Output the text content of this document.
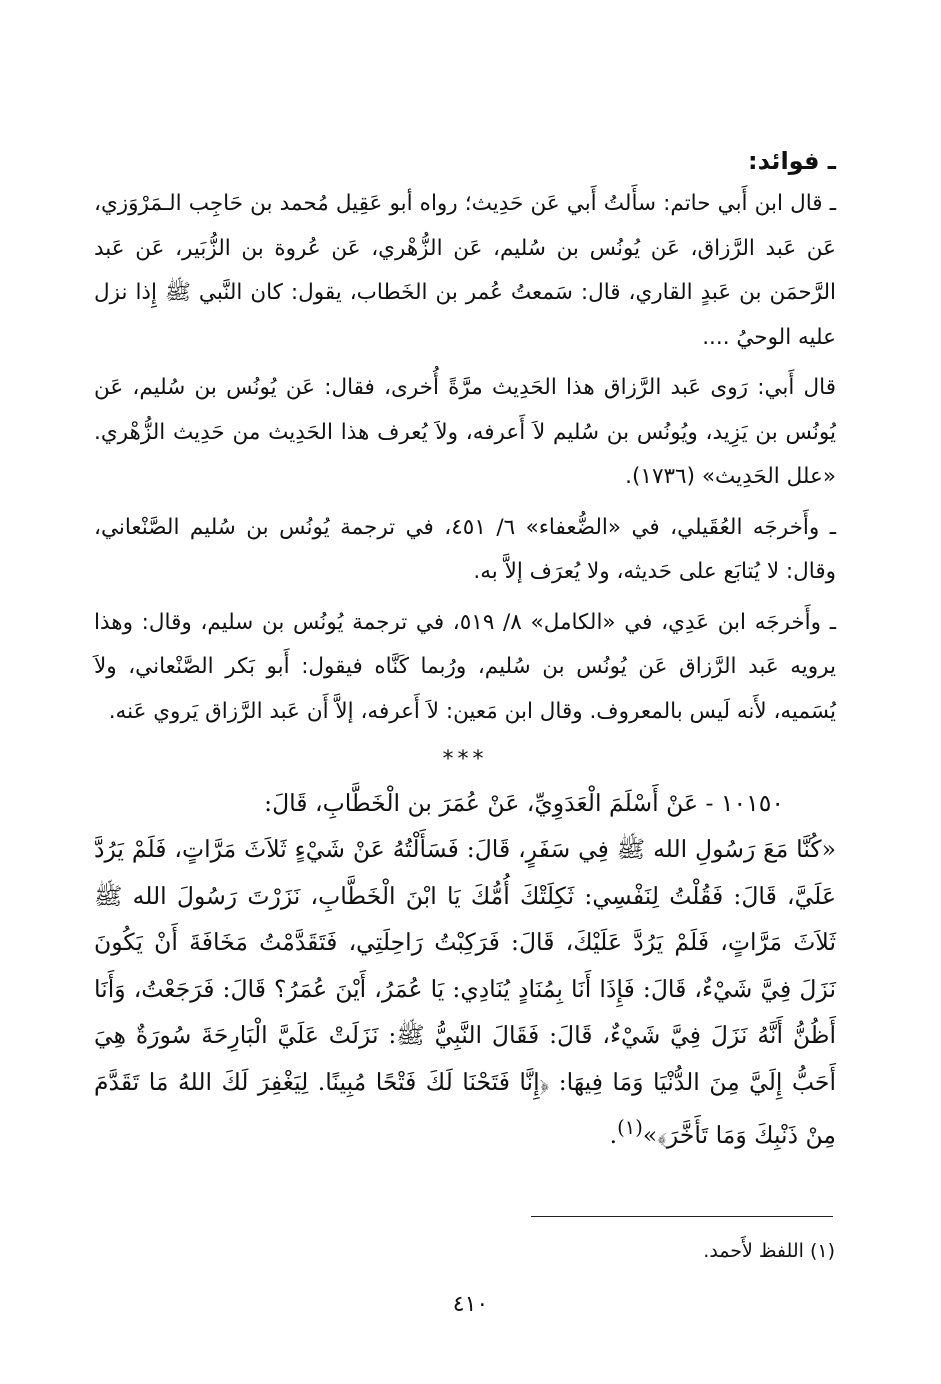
ـ فوائد:

ـ قال ابن أَبي حاتم: سأَلتُ أَبي عَن حَدِيث؛ رواه أبو عَقِيل مُحمد بن حَاجِب الـمَرْوَزي، عَن عَبد الرَّزاق، عَن يُونُس بن سُليم، عَن الزُّهْري، عَن عُروة بن الزُّبَير، عَن عَبد الرَّحمَن بن عَبدٍ القاري، قال: سَمعتُ عُمر بن الخَطاب، يقول: كان النَّبي ﷺ إِذا نزل عليه الوحيُ ....

قال أَبي: رَوى عَبد الرَّزاق هذا الحَدِيث مرَّةً أُخرى، فقال: عَن يُونُس بن سُليم، عَن يُونُس بن يَزِيد، ويُونُس بن سُليم لاَ أَعرفه، ولاَ يُعرف هذا الحَدِيث من حَدِيث الزُّهْري. «علل الحَدِيث» (١٧٣٦).

ـ وأَخرجَه العُقَيلي، في «الضُّعفاء» ٦/ ٤٥١، في ترجمة يُونُس بن سُليم الصَّنْعاني، وقال: لا يُتابَع على حَديثه، ولا يُعرَف إلاَّ به.

ـ وأَخرجَه ابن عَدِي، في «الكامل» ٨/ ٥١٩، في ترجمة يُونُس بن سليم، وقال: وهذا يرويه عَبد الرَّزاق عَن يُونُس بن سُليم، ورُبما كَنَّاه فيقول: أَبو بَكر الصَّنْعاني، ولاَ يُسَميه، لأَنه لَيس بالمعروف. وقال ابن مَعين: لاَ أَعرفه، إلاَّ أَن عَبد الرَّزاق يَروي عَنه.

***

١٠١٥٠ - عَنْ أَسْلَمَ الْعَدَوِيِّ، عَنْ عُمَرَ بن الْخَطَّابِ، قَالَ:

«كُنَّا مَعَ رَسُولِ الله ﷺ فِي سَفَرٍ، قَالَ: فَسَأَلْتُهُ عَنْ شَيْءٍ ثَلاَثَ مَرَّاتٍ، فَلَمْ يَرُدَّ عَلَيَّ، قَالَ: فَقُلْتُ لِنَفْسِي: ثَكِلَتْكَ أُمُّكَ يَا ابْنَ الْخَطَّابِ، نَزَرْتَ رَسُولَ الله ﷺ ثَلاَثَ مَرَّاتٍ، فَلَمْ يَرُدَّ عَلَيْكَ، قَالَ: فَرَكِبْتُ رَاحِلَتِي، فَتَقَدَّمْتُ مَخَافَةَ أَنْ يَكُونَ نَزَلَ فِيَّ شَيْءٌ، قَالَ: فَإِذَا أَنَا بِمُنَادٍ يُنَادِي: يَا عُمَرُ، أَيْنَ عُمَرُ؟ قَالَ: فَرَجَعْتُ، وَأَنَا أَظُنُّ أَنَّهُ نَزَلَ فِيَّ شَيْءٌ، قَالَ: فَقَالَ النَّبِيُّ ﷺ: نَزَلَتْ عَلَيَّ الْبَارِحَةَ سُورَةٌ هِيَ أَحَبُّ إِلَيَّ مِنَ الدُّنْيَا وَمَا فِيهَا: ﴿إِنَّا فَتَحْنَا لَكَ فَتْحًا مُبِينًا. لِيَغْفِرَ لَكَ اللهُ مَا تَقَدَّمَ مِنْ ذَنْبِكَ وَمَا تَأَخَّرَ﴾»$^{(١)}$.

(١) اللفظ لأَحمد.
٤١٠
